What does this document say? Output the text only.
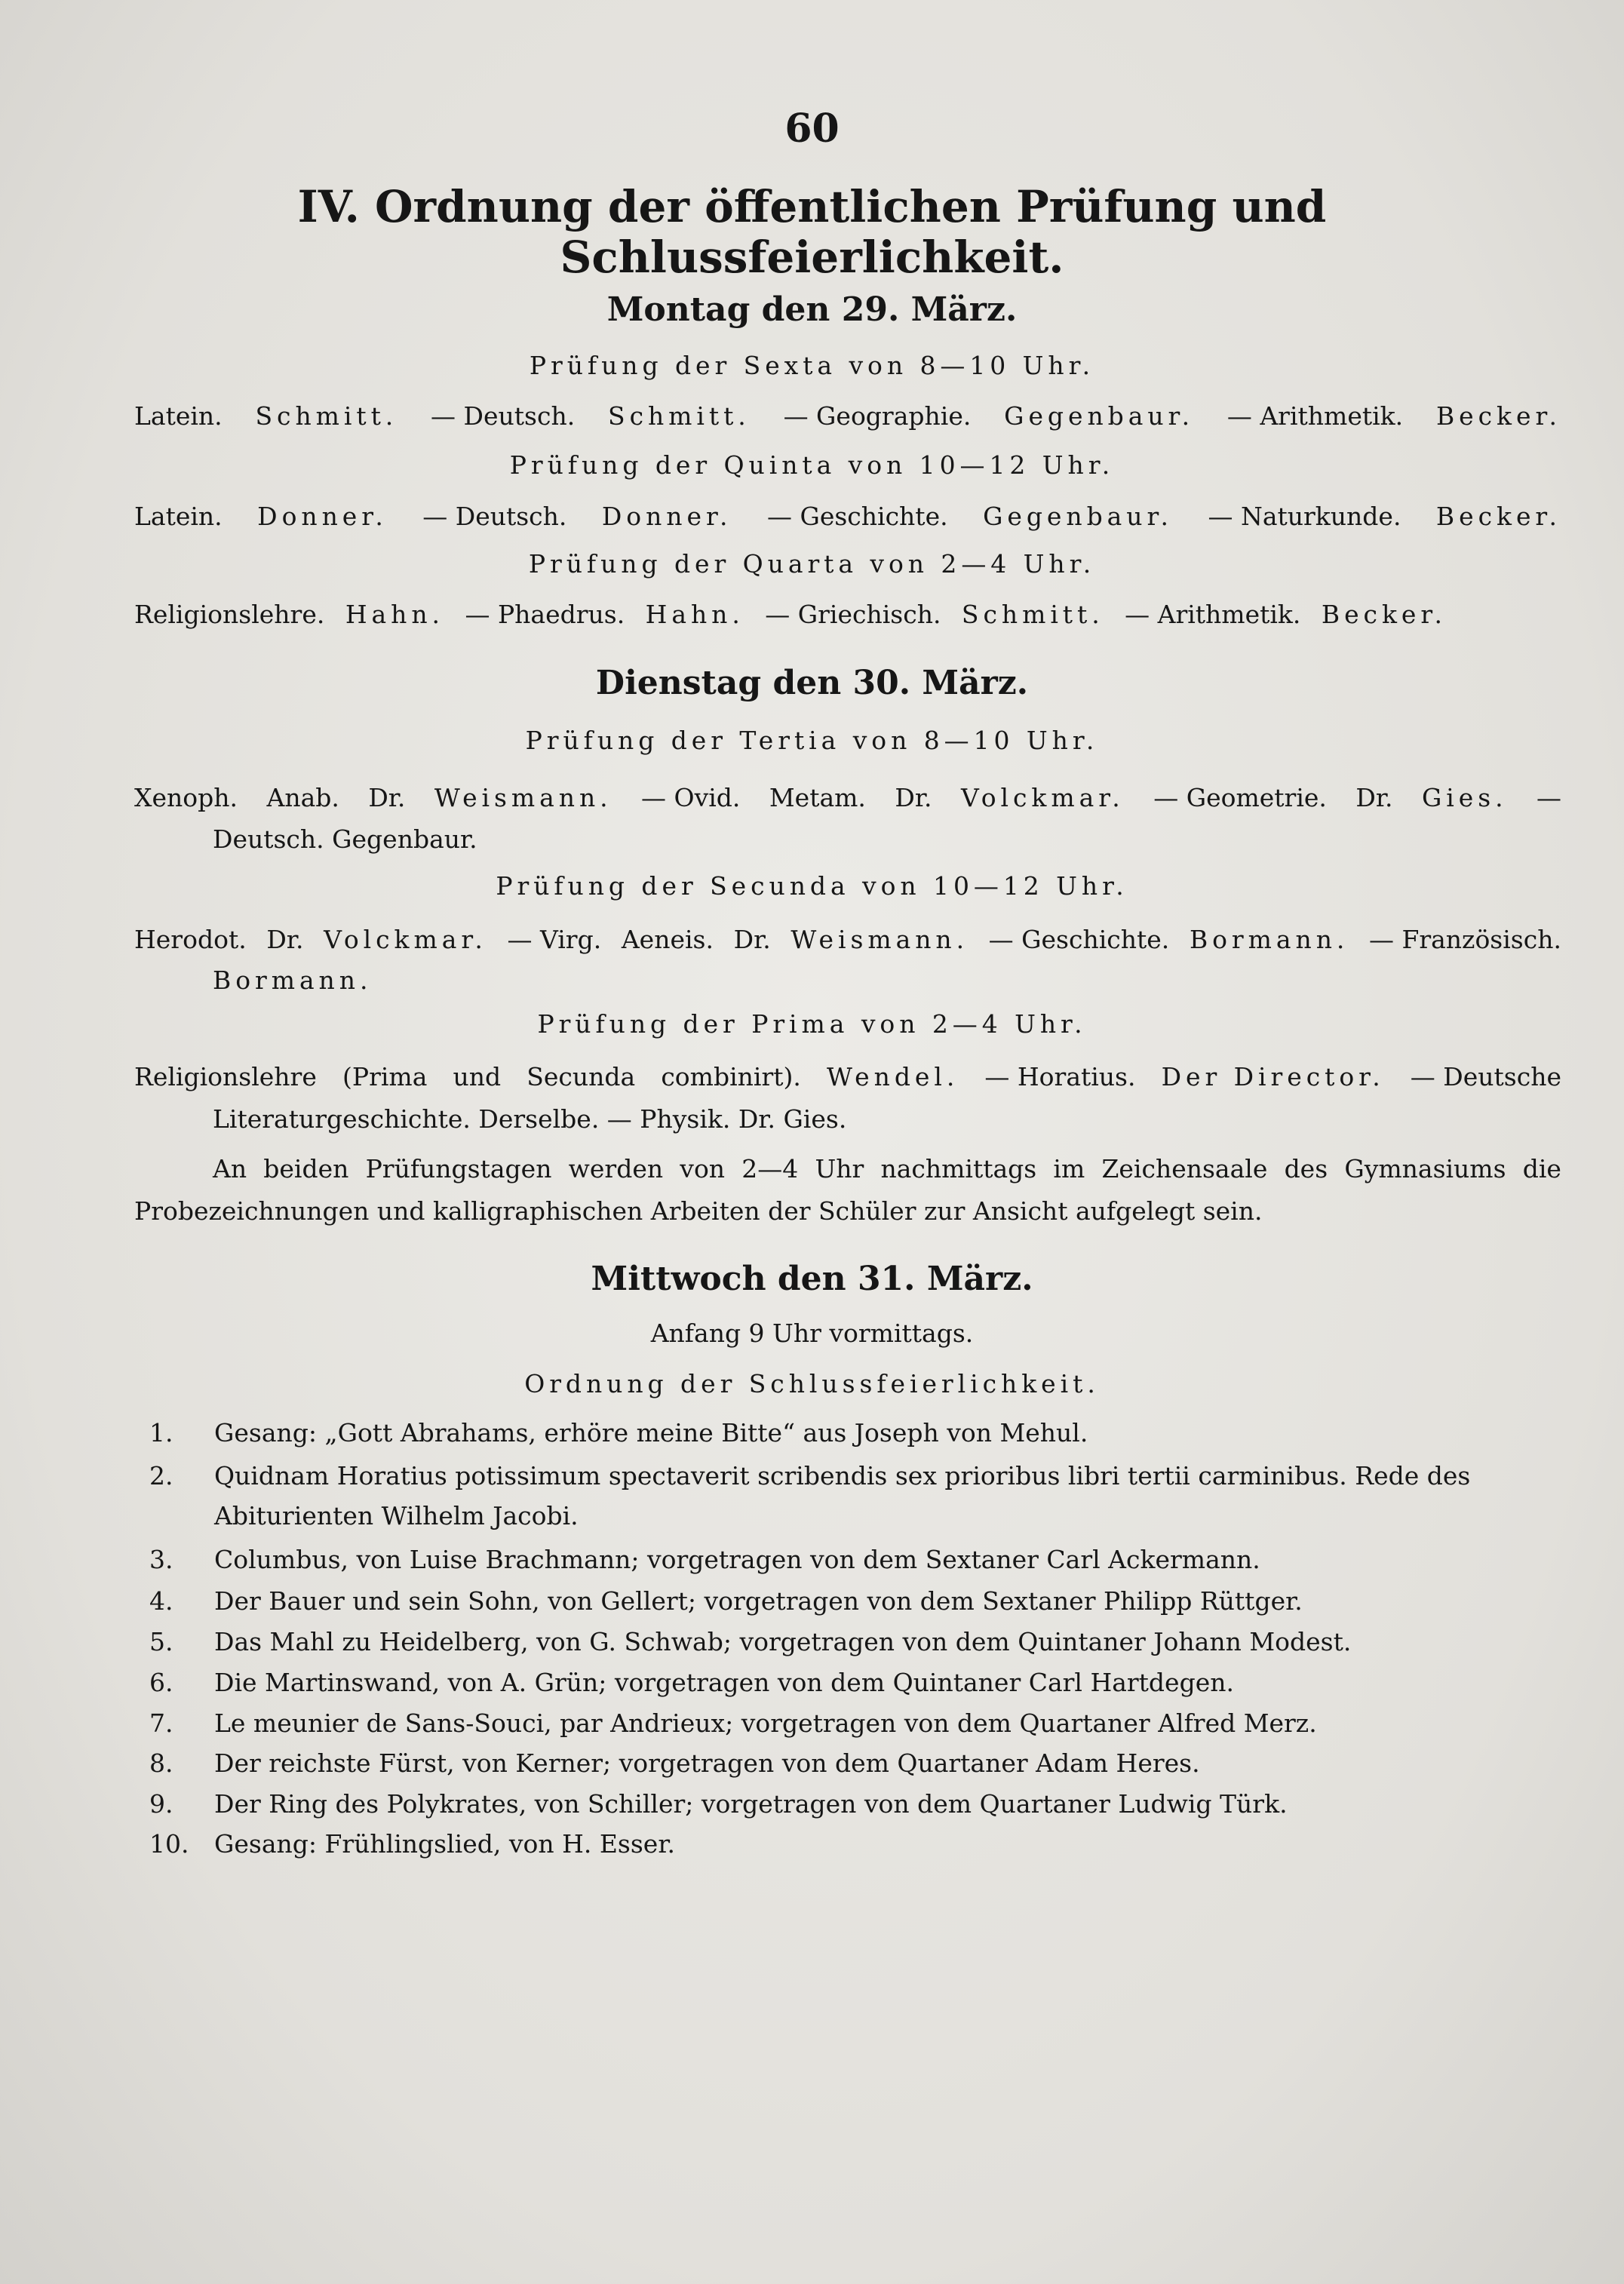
60
IV. Ordnung der öffentlichen Prüfung und
Schlussfeierlichkeit.
Montag den 29. März.
Prüfung der Sexta von 8—10 Uhr.
Latein. Schmitt. — Deutsch. Schmitt. — Geographie. Gegenbaur. — Arithmetik. Becker.
Prüfung der Quinta von 10—12 Uhr.
Latein. Donner. — Deutsch. Donner. — Geschichte. Gegenbaur. — Naturkunde. Becker.
Prüfung der Quarta von 2—4 Uhr.
Religionslehre. Hahn. — Phaedrus. Hahn. — Griechisch. Schmitt. — Arithmetik. Becker.
Dienstag den 30. März.
Prüfung der Tertia von 8—10 Uhr.
Xenoph. Anab. Dr. Weismann. — Ovid. Metam. Dr. Volckmar. — Geometrie. Dr. Gies. —
Deutsch. Gegenbaur.
Prüfung der Secunda von 10—12 Uhr.
Herodot. Dr. Volckmar. — Virg. Aeneis. Dr. Weismann. — Geschichte. Bormann. — Französisch.
Bormann.
Prüfung der Prima von 2—4 Uhr.
Religionslehre (Prima und Secunda combinirt). Wendel. — Horatius. Der Director. — Deutsche
Literaturgeschichte. Derselbe. — Physik. Dr. Gies.
An beiden Prüfungstagen werden von 2—4 Uhr nachmittags im Zeichensaale des Gymnasiums die
Probezeichnungen und kalligraphischen Arbeiten der Schüler zur Ansicht aufgelegt sein.
Mittwoch den 31. März.
Anfang 9 Uhr vormittags.
Ordnung der Schlussfeierlichkeit.
1. Gesang: „Gott Abrahams, erhöre meine Bitte“ aus Joseph von Mehul.
2. Quidnam Horatius potissimum spectaverit scribendis sex prioribus libri tertii carminibus. Rede des
Abiturienten Wilhelm Jacobi.
3. Columbus, von Luise Brachmann; vorgetragen von dem Sextaner Carl Ackermann.
4. Der Bauer und sein Sohn, von Gellert; vorgetragen von dem Sextaner Philipp Rüttger.
5. Das Mahl zu Heidelberg, von G. Schwab; vorgetragen von dem Quintaner Johann Modest.
6. Die Martinswand, von A. Grün; vorgetragen von dem Quintaner Carl Hartdegen.
7. Le meunier de Sans-Souci, par Andrieux; vorgetragen von dem Quartaner Alfred Merz.
8. Der reichste Fürst, von Kerner; vorgetragen von dem Quartaner Adam Heres.
9. Der Ring des Polykrates, von Schiller; vorgetragen von dem Quartaner Ludwig Türk.
10. Gesang: Frühlingslied, von H. Esser.
